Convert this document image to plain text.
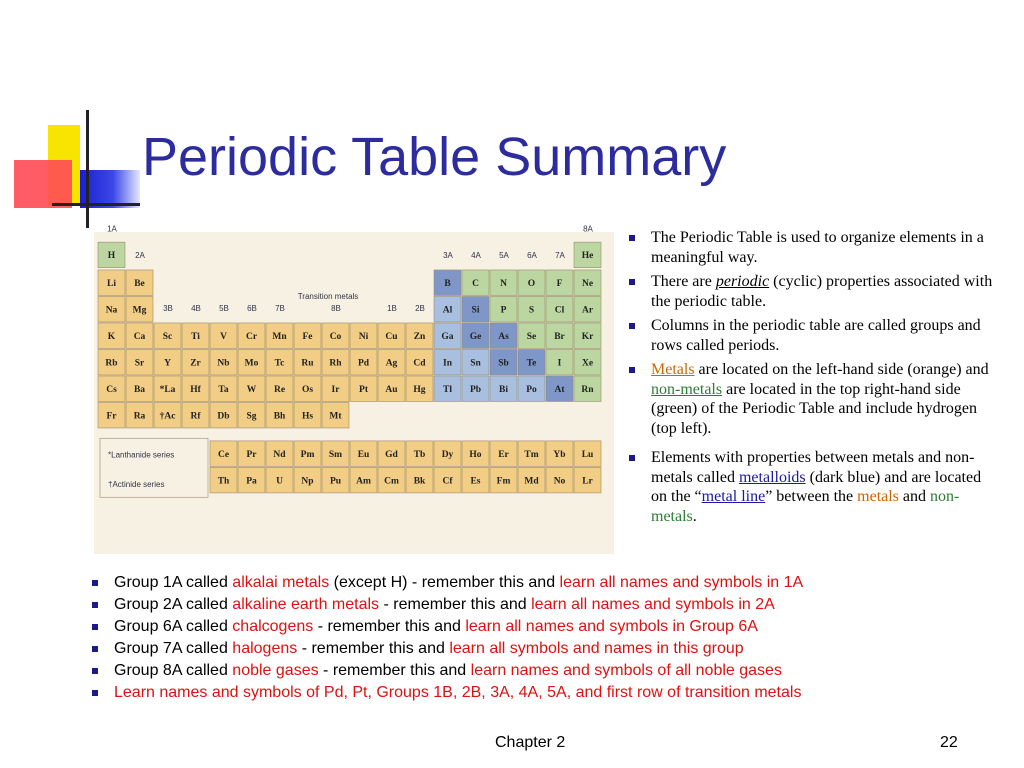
Periodic Table Summary
1A
2A
3B 4B 5B 6B 7B	8B	1B 2B
3A 4A 5A 6A 7A
8A
Transition metals
H	He
Li Be	B C N O F Ne
Na Mg	Al Si P S Cl Ar
K Ca Sc Ti V Cr Mn Fe Co Ni Cu Zn Ga Ge As Se Br Kr
Rb Sr Y Zr Nb Mo Tc Ru Rh Pd Ag Cd In Sn Sb Te I Xe
Cs Ba *La Hf Ta W Re Os Ir Pt Au Hg Tl Pb Bi Po At Rn
Fr Ra †Ac Rf Db Sg Bh Hs Mt
*Lanthanide series
†Actinide series
Ce Pr Nd Pm Sm Eu Gd Tb Dy Ho Er Tm Yb Lu
Th Pa U Np Pu Am Cm Bk Cf Es Fm Md No Lr
The Periodic Table is used to organize elements in a meaningful way.
There are periodic (cyclic) properties associated with the periodic table.
Columns in the periodic table are called groups and rows called periods.
Metals are located on the left-hand side (orange) and non-metals are located in the top right-hand side (green) of the Periodic Table and include hydrogen (top left).
Elements with properties between metals and non-metals called metalloids (dark blue) and are located on the “metal line” between the metals and non-metals.
Group 1A called alkalai metals (except H) - remember this and learn all names and symbols in 1A
Group 2A called alkaline earth metals - remember this and learn all names and symbols in 2A
Group 6A called chalcogens - remember this and learn all names and symbols in Group 6A
Group 7A called halogens - remember this and learn all symbols and names in this group
Group 8A called noble gases - remember this and learn names and symbols of all noble gases
Learn names and symbols of Pd, Pt, Groups 1B, 2B, 3A, 4A, 5A, and first row of transition metals
Chapter 2	22
